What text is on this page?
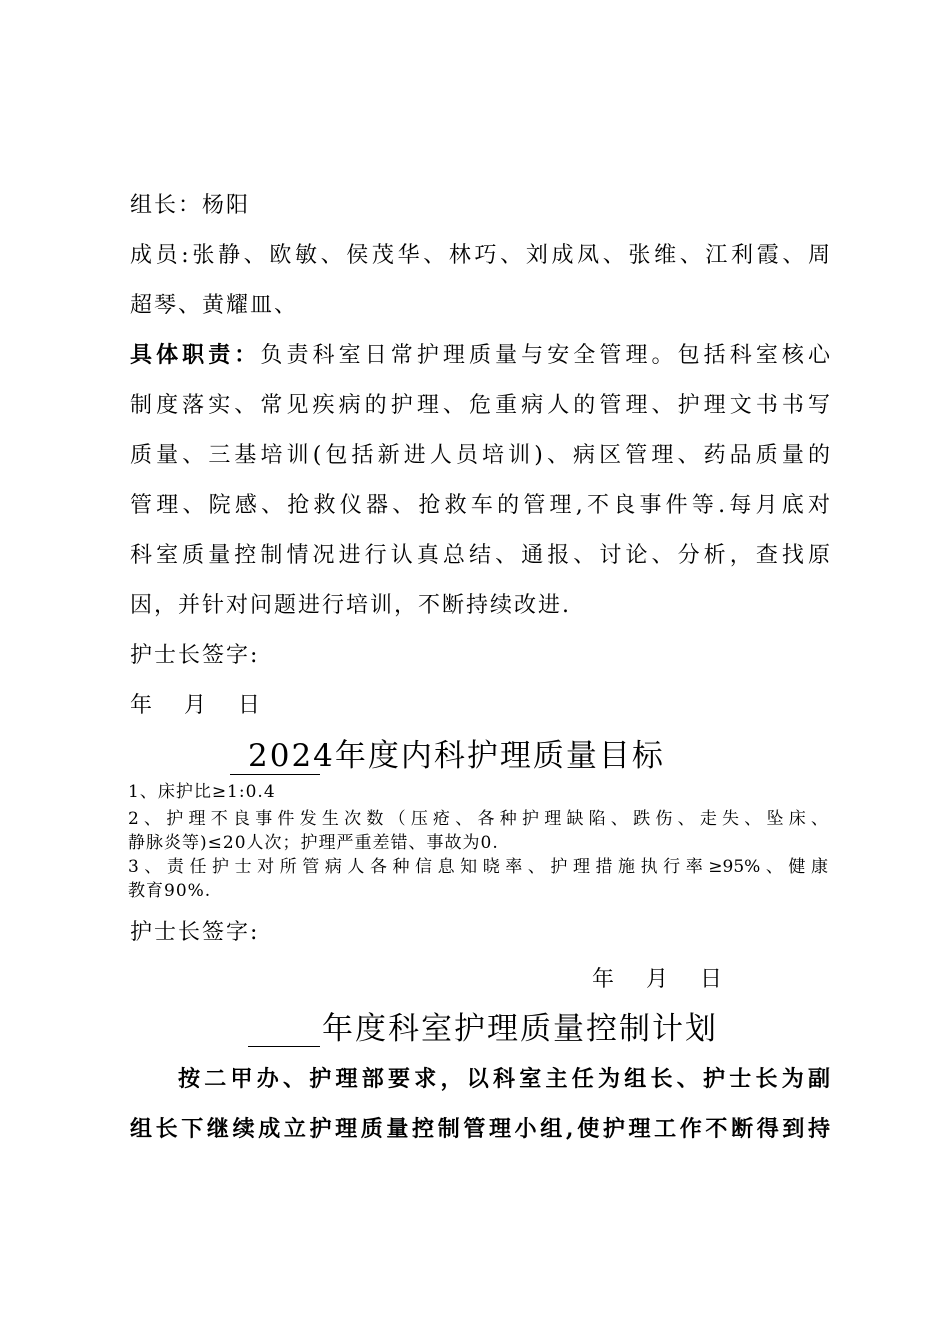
组长：杨阳

成员:张静、欧敏、侯茂华、林巧、刘成凤、张维、江利霞、周

超琴、黄耀皿、

具体职责：负责科室日常护理质量与安全管理。包括科室核心

制度落实、常见疾病的护理、危重病人的管理、护理文书书写

质量、三基培训(包括新进人员培训)、病区管理、药品质量的

管理、院感、抢救仪器、抢救车的管理,不良事件等.每月底对

科室质量控制情况进行认真总结、通报、讨论、分析，查找原

因，并针对问题进行培训，不断持续改进.

护士长签字:

年 月 日

2024年度内科护理质量目标

1、床护比≥1:0.4

2、护理不良事件发生次数（压疮、各种护理缺陷、跌伤、走失、坠床、

静脉炎等)≤20人次；护理严重差错、事故为0.

3、责任护士对所管病人各种信息知晓率、护理措施执行率≥95%、健康

教育90%.

护士长签字:

年 月 日

年度科室护理质量控制计划

按二甲办、护理部要求，以科室主任为组长、护士长为副

组长下继续成立护理质量控制管理小组,使护理工作不断得到持
